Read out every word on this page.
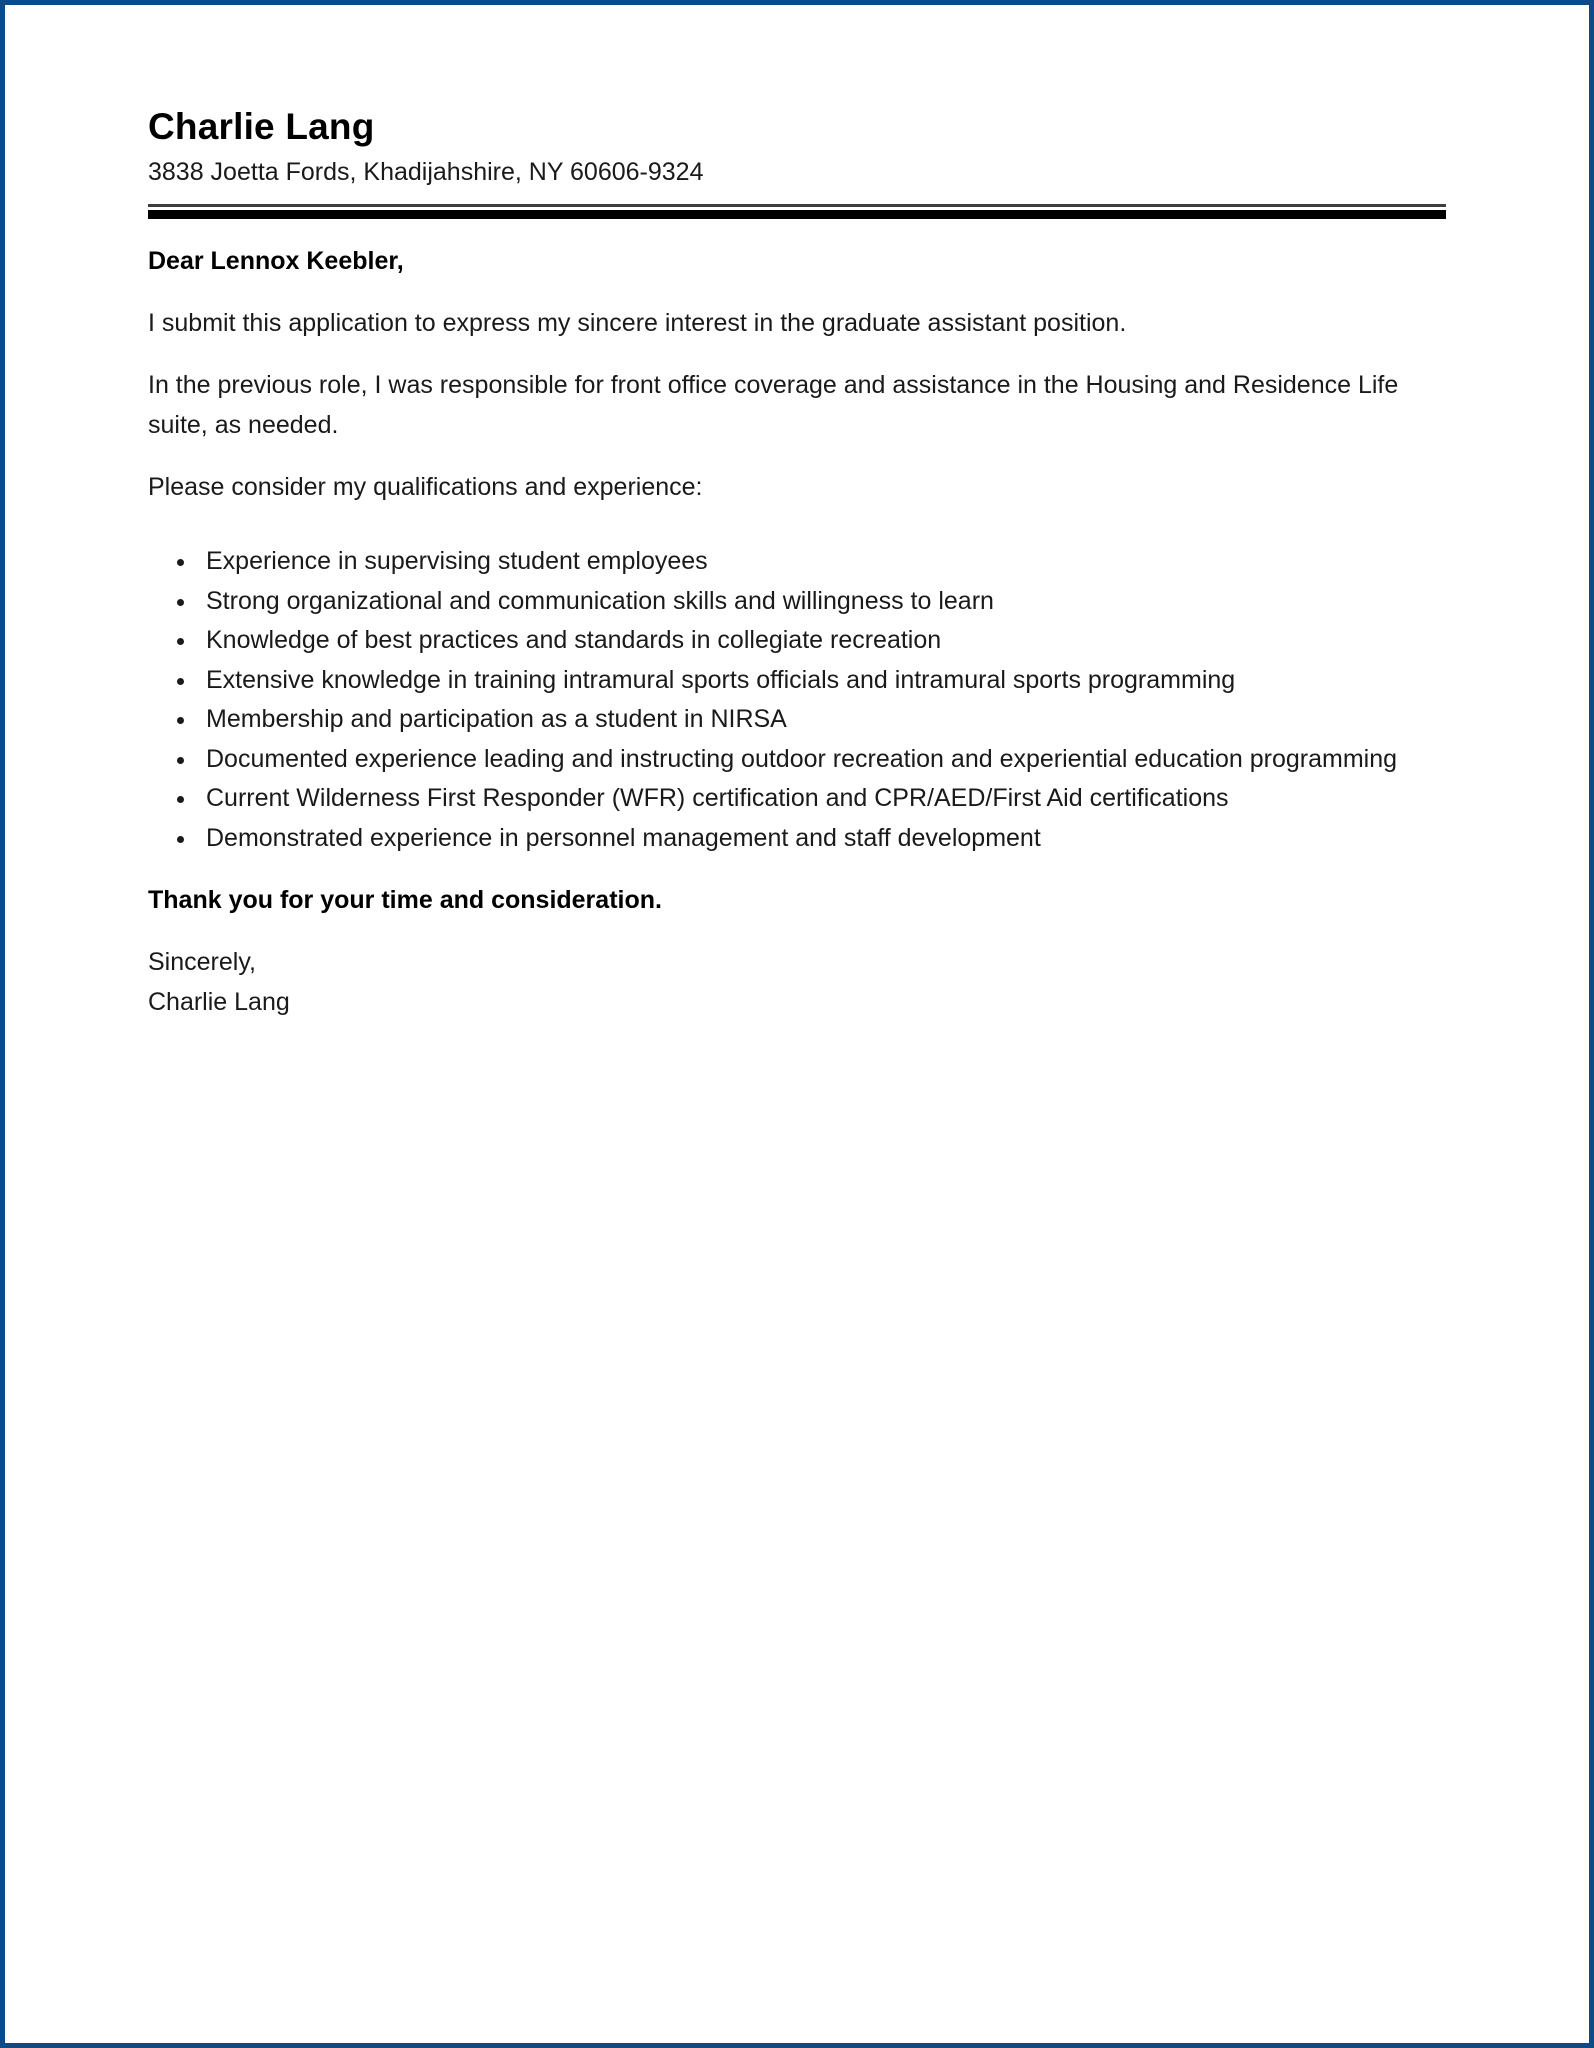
Charlie Lang
3838 Joetta Fords, Khadijahshire, NY 60606-9324

Dear Lennox Keebler,

I submit this application to express my sincere interest in the graduate assistant position.

In the previous role, I was responsible for front office coverage and assistance in the Housing and Residence Life suite, as needed.

Please consider my qualifications and experience:

• Experience in supervising student employees
• Strong organizational and communication skills and willingness to learn
• Knowledge of best practices and standards in collegiate recreation
• Extensive knowledge in training intramural sports officials and intramural sports programming
• Membership and participation as a student in NIRSA
• Documented experience leading and instructing outdoor recreation and experiential education programming
• Current Wilderness First Responder (WFR) certification and CPR/AED/First Aid certifications
• Demonstrated experience in personnel management and staff development

Thank you for your time and consideration.

Sincerely,
Charlie Lang
